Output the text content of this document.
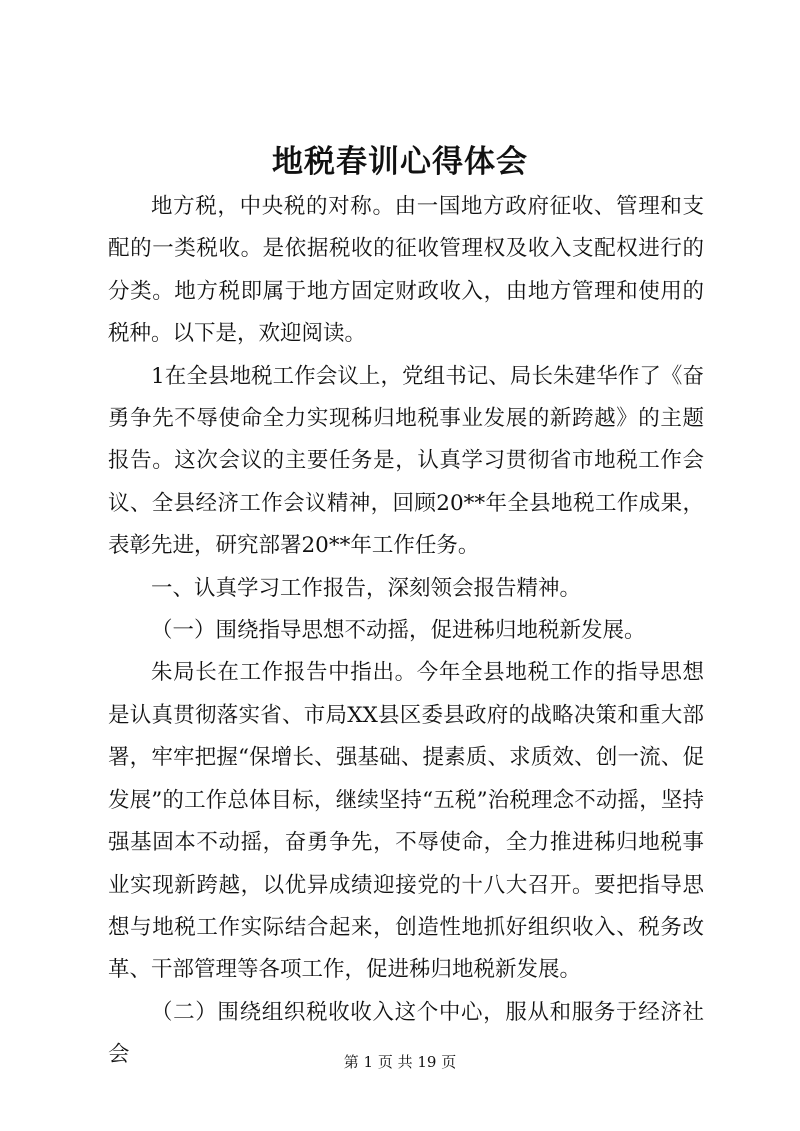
地税春训心得体会

地方税，中央税的对称。由一国地方政府征收、管理和支配的一类税收。是依据税收的征收管理权及收入支配权进行的分类。地方税即属于地方固定财政收入，由地方管理和使用的税种。以下是，欢迎阅读。

1在全县地税工作会议上，党组书记、局长朱建华作了《奋勇争先不辱使命全力实现秭归地税事业发展的新跨越》的主题报告。这次会议的主要任务是，认真学习贯彻省市地税工作会议、全县经济工作会议精神，回顾20**年全县地税工作成果，表彰先进，研究部署20**年工作任务。

一、认真学习工作报告，深刻领会报告精神。

（一）围绕指导思想不动摇，促进秭归地税新发展。

朱局长在工作报告中指出。今年全县地税工作的指导思想是认真贯彻落实省、市局XX县区委县政府的战略决策和重大部署，牢牢把握“保增长、强基础、提素质、求质效、创一流、促发展”的工作总体目标，继续坚持“五税”治税理念不动摇，坚持强基固本不动摇，奋勇争先，不辱使命，全力推进秭归地税事业实现新跨越，以优异成绩迎接党的十八大召开。要把指导思想与地税工作实际结合起来，创造性地抓好组织收入、税务改革、干部管理等各项工作，促进秭归地税新发展。

（二）围绕组织税收收入这个中心，服从和服务于经济社会	第 1 页 共 19 页
